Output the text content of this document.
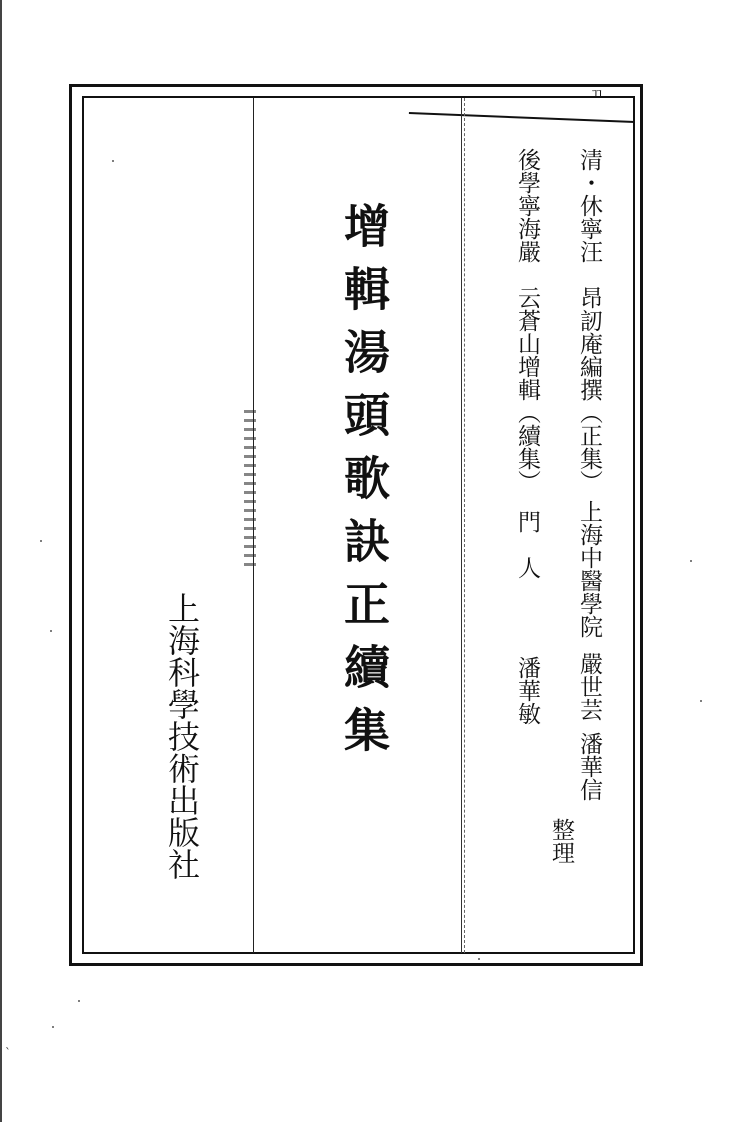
ㄲ
上海科學技術出版社	增輯湯頭歌訣正續集	清・休寧汪　昂訒庵編撰（正集）
上海中醫學院
嚴世芸
潘華信
整理
後學寧海嚴　云蒼山增輯（續集）
門　人
潘華敏
`
